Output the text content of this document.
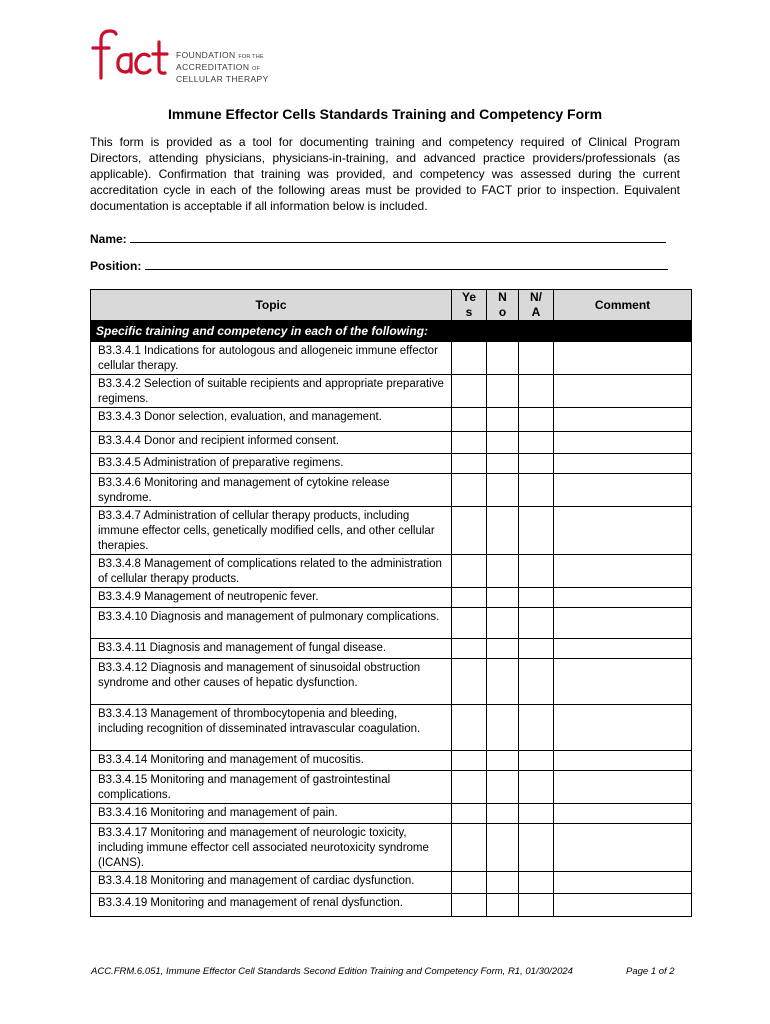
FOUNDATION FOR THE
ACCREDITATION OF
CELLULAR THERAPY
Immune Effector Cells Standards Training and Competency Form
This form is provided as a tool for documenting training and competency required of Clinical Program Directors, attending physicians, physicians-in-training, and advanced practice providers/professionals (as applicable). Confirmation that training was provided, and competency was assessed during the current accreditation cycle in each of the following areas must be provided to FACT prior to inspection. Equivalent documentation is acceptable if all information below is included.
Name:
Position:
Topic	Yes	No	N/A	Comment
Specific training and competency in each of the following:				
B3.3.4.1 Indications for autologous and allogeneic immune effector cellular therapy.				
B3.3.4.2 Selection of suitable recipients and appropriate preparative regimens.				
B3.3.4.3 Donor selection, evaluation, and management.				
B3.3.4.4 Donor and recipient informed consent.				
B3.3.4.5 Administration of preparative regimens.				
B3.3.4.6 Monitoring and management of cytokine release syndrome.				
B3.3.4.7 Administration of cellular therapy products, including immune effector cells, genetically modified cells, and other cellular therapies.				
B3.3.4.8 Management of complications related to the administration of cellular therapy products.				
B3.3.4.9 Management of neutropenic fever.				
B3.3.4.10 Diagnosis and management of pulmonary complications.				
B3.3.4.11 Diagnosis and management of fungal disease.				
B3.3.4.12 Diagnosis and management of sinusoidal obstruction syndrome and other causes of hepatic dysfunction.				
B3.3.4.13 Management of thrombocytopenia and bleeding, including recognition of disseminated intravascular coagulation.				
B3.3.4.14 Monitoring and management of mucositis.				
B3.3.4.15 Monitoring and management of gastrointestinal complications.				
B3.3.4.16 Monitoring and management of pain.				
B3.3.4.17 Monitoring and management of neurologic toxicity, including immune effector cell associated neurotoxicity syndrome (ICANS).				
B3.3.4.18 Monitoring and management of cardiac dysfunction.				
B3.3.4.19 Monitoring and management of renal dysfunction.				
ACC.FRM.6.051, Immune Effector Cell Standards Second Edition Training and Competency Form, R1, 01/30/2024	Page 1 of 2
